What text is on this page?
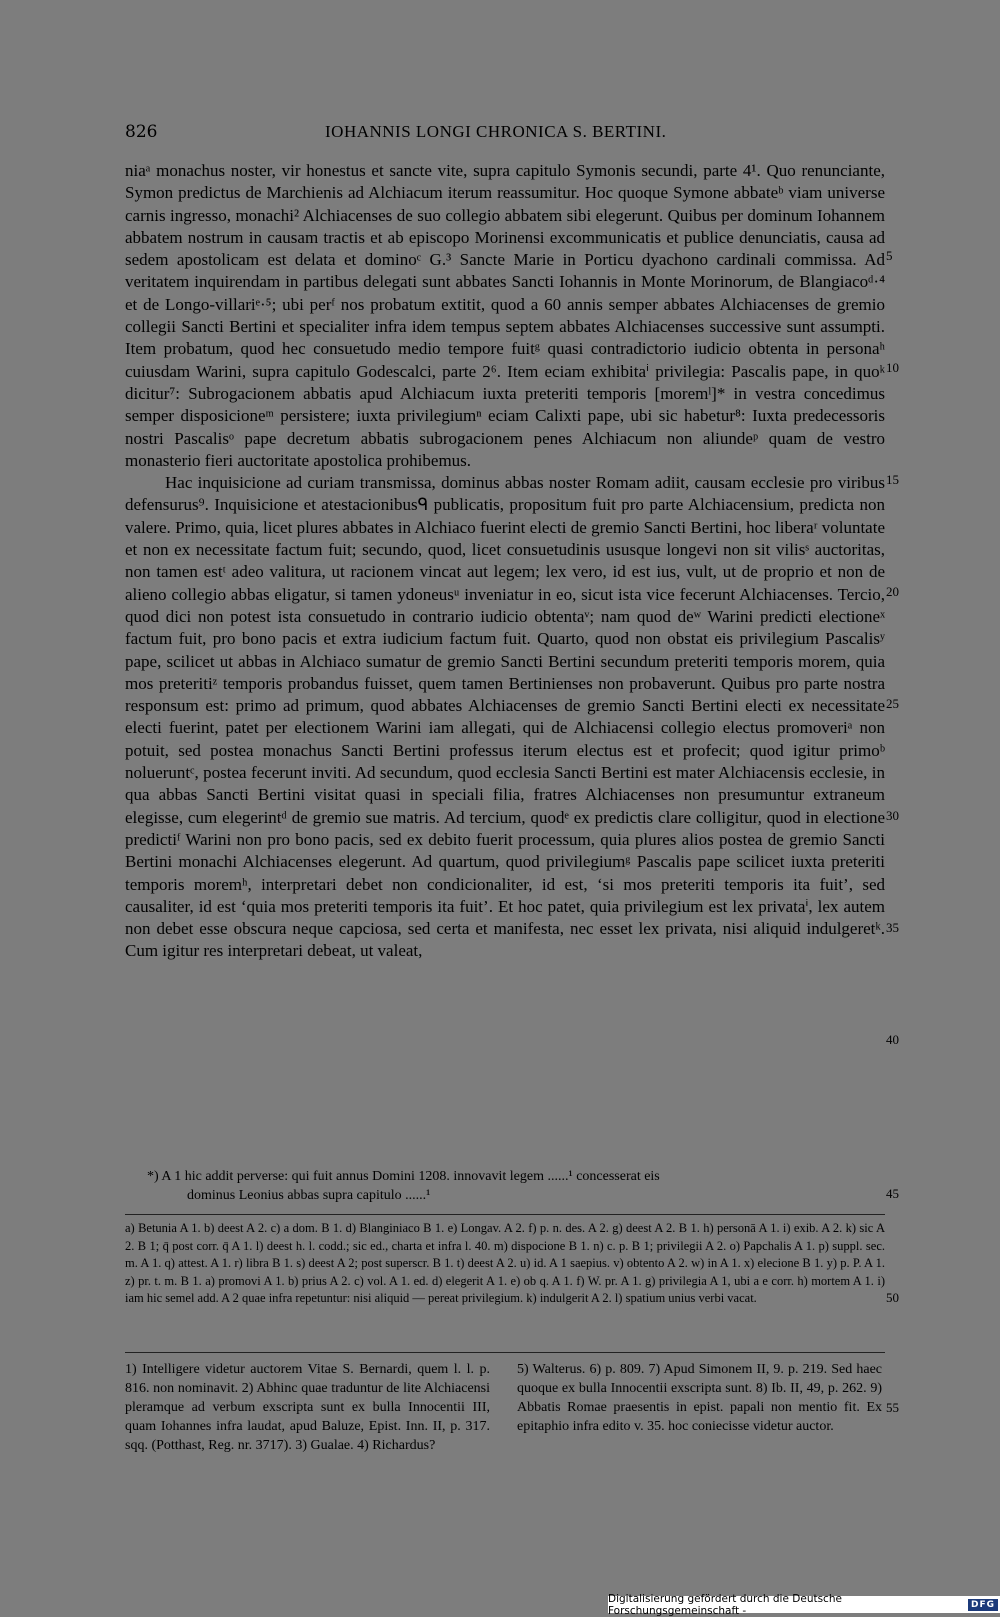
826	IOHANNIS LONGI CHRONICA S. BERTINI.

niaᵃ monachus noster, vir honestus et sancte vite, supra capitulo Symonis secundi, parte 4¹. Quo renunciante, Symon predictus de Marchienis ad Alchiacum iterum reassumitur. Hoc quoque Symone abbateᵇ viam universe carnis ingresso, monachi² Alchiacenses de suo collegio abbatem sibi elegerunt. Quibus per dominum Iohannem abbatem nostrum in causam tractis et ab episcopo Morinensi excommunicatis et publice denunciatis, causa ad sedem apostolicam est delata et dominoᶜ G.³ Sancte Marie in Porticu dyachono cardinali commissa. Ad veritatem inquirendam in partibus delegati sunt abbates Sancti Iohannis in Monte Morinorum, de Blangiacoᵈ·⁴ et de Longo-villariᵉ·⁵; ubi perᶠ nos probatum extitit, quod a 60 annis semper abbates Alchiacenses de gremio collegii Sancti Bertini et specialiter infra idem tempus septem abbates Alchiacenses successive sunt assumpti. Item probatum, quod hec consuetudo medio tempore fuitᵍ quasi contradictorio iudicio obtenta in personaʰ cuiusdam Warini, supra capitulo Godescalci, parte 2⁶. Item eciam exhibitaⁱ privilegia: Pascalis pape, in quoᵏ dicitur⁷: Subrogacionem abbatis apud Alchiacum iuxta preteriti temporis [moremˡ]* in vestra concedimus semper disposicioneᵐ persistere; iuxta privilegiumⁿ eciam Calixti pape, ubi sic habetur⁸: Iuxta predecessoris nostri Pascalisᵒ pape decretum abbatis subrogacionem penes Alchiacum non aliundeᵖ quam de vestro monasterio fieri auctoritate apostolica prohibemus.

Hac inquisicione ad curiam transmissa, dominus abbas noster Romam adiit, causam ecclesie pro viribus defensurus⁹. Inquisicione et atestacionibusᑫ publicatis, propositum fuit pro parte Alchiacensium, predicta non valere. Primo, quia, licet plures abbates in Alchiaco fuerint electi de gremio Sancti Bertini, hoc liberaʳ voluntate et non ex necessitate factum fuit; secundo, quod, licet consuetudinis ususque longevi non sit vilisˢ auctoritas, non tamen estᵗ adeo valitura, ut racionem vincat aut legem; lex vero, id est ius, vult, ut de proprio et non de alieno collegio abbas eligatur, si tamen ydoneusᵘ inveniatur in eo, sicut ista vice fecerunt Alchiacenses. Tercio, quod dici non potest ista consuetudo in contrario iudicio obtentaᵛ; nam quod deʷ Warini predicti electioneˣ factum fuit, pro bono pacis et extra iudicium factum fuit. Quarto, quod non obstat eis privilegium Pascalisʸ pape, scilicet ut abbas in Alchiaco sumatur de gremio Sancti Bertini secundum preteriti temporis morem, quia mos preteritiᶻ temporis probandus fuisset, quem tamen Bertinienses non probaverunt. Quibus pro parte nostra responsum est: primo ad primum, quod abbates Alchiacenses de gremio Sancti Bertini electi ex necessitate electi fuerint, patet per electionem Warini iam allegati, qui de Alchiacensi collegio electus promoveriᵃ non potuit, sed postea monachus Sancti Bertini professus iterum electus est et profecit; quod igitur primoᵇ nolueruntᶜ, postea fecerunt inviti. Ad secundum, quod ecclesia Sancti Bertini est mater Alchiacensis ecclesie, in qua abbas Sancti Bertini visitat quasi in speciali filia, fratres Alchiacenses non presumuntur extraneum elegisse, cum elegerintᵈ de gremio sue matris. Ad tercium, quodᵉ ex predictis clare colligitur, quod in electione predictiᶠ Warini non pro bono pacis, sed ex debito fuerit processum, quia plures alios postea de gremio Sancti Bertini monachi Alchiacenses elegerunt. Ad quartum, quod privilegiumᵍ Pascalis pape scilicet iuxta preteriti temporis moremʰ, interpretari debet non condicionaliter, id est, ‘si mos preteriti temporis ita fuit’, sed causaliter, id est ‘quia mos preteriti temporis ita fuit’. Et hoc patet, quia privilegium est lex privataⁱ, lex autem non debet esse obscura neque capciosa, sed certa et manifesta, nec esset lex privata, nisi aliquid indulgeretᵏ. Cum igitur res interpretari debeat, ut valeat,

5
10
15
20
25
30
35
40
*) A 1 hic addit perverse: qui fuit annus Domini 1208. innovavit legem ......¹ concesserat eis
dominus Leonius abbas supra capitulo ......¹	45
a) Betunia A 1. b) deest A 2. c) a dom. B 1. d) Blanginiaco B 1. e) Longav. A 2. f) p. n. des. A 2. g) deest A 2. B 1. h) personā A 1. i) exib. A 2. k) sic A 2. B 1; q̄ post corr. q̄ A 1. l) deest h. l. codd.; sic ed., charta et infra l. 40. m) dispocione B 1. n) c. p. B 1; privilegii A 2. o) Papchalis A 1. p) suppl. sec. m. A 1. q) attest. A 1. r) libra B 1. s) deest A 2; post superscr. B 1. t) deest A 2. u) id. A 1 saepius. v) obtento A 2. w) in A 1. x) elecione B 1. y) p. P. A 1. z) pr. t. m. B 1. a) promovi A 1. b) prius A 2. c) vol. A 1. ed. d) elegerit A 1. e) ob q. A 1. f) W. pr. A 1. g) privilegia A 1, ubi a e corr. h) mortem A 1. i) iam hic semel add. A 2 quae infra repetuntur: nisi aliquid — pereat privilegium. k) indulgerit A 2. l) spatium unius verbi vacat.	50
1) Intelligere videtur auctorem Vitae S. Bernardi, quem l. l. p. 816. non nominavit. 2) Abhinc quae traduntur de lite Alchiacensi pleramque ad verbum exscripta sunt ex bulla Innocentii III, quam Iohannes infra laudat, apud Baluze, Epist. Inn. II, p. 317. sqq. (Potthast, Reg. nr. 3717). 3) Gualae. 4) Richardus?
5) Walterus. 6) p. 809. 7) Apud Simonem II, 9. p. 219. Sed haec quoque ex bulla Innocentii exscripta sunt. 8) Ib. II, 49, p. 262. 9) Abbatis Romae praesentis in epist. papali non mentio fit. Ex epitaphio infra edito v. 35. hoc coniecisse videtur auctor.
55
Digitalisierung gefördert durch die Deutsche Forschungsgemeinschaft -	DFG
